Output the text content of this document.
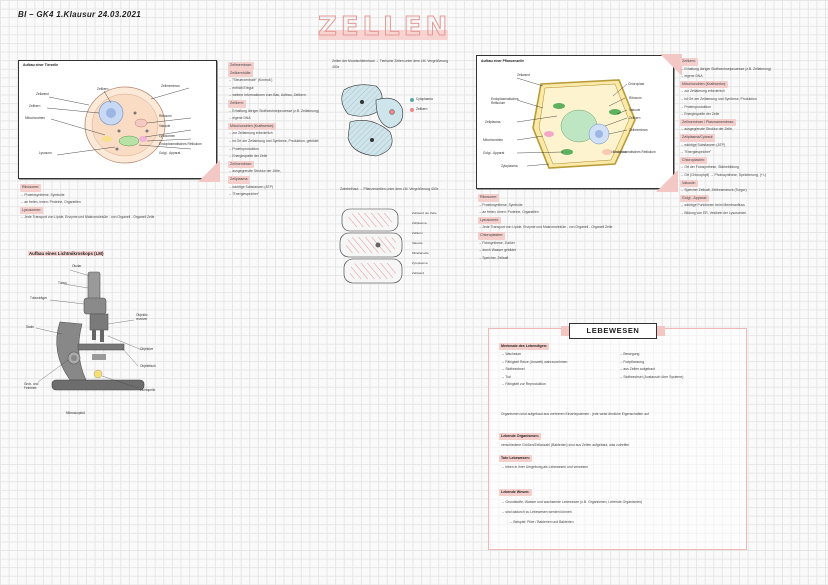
BI – GK4 1.Klausur 24.03.2021	ZELLEN
Aufbau einer Tierzelle
Zellwand
Zellkern
Mitochondrien
Lysosom
Zellkern
Zellmembran
Ribosom
Vakuole
Lysosomen
Endoplasmatisches Retikulum
Golgi - Apparat
Ribosome:
→ Proteinsynthese, Symbolie
→ an freien, innen: Proteine, Organellen
Lysosomen:
→ Jede Transport von Lipide, Enzyme und Makromoleküle - von Organell - Organell Zelle
Aufbau eines Lichtmikroskops (LM)
Okular
Tubus
Tubusträger
Stativ
Grob- und Feintrieb
Objektiv-revolver
Objektive
Objekttisch
Lichtquelle
Mikroskopfuß
Zellmembran:
Zellkernhülle:
→ "Steuerzentrale" (Kontroll.)
→ enthält Erbgut
→ weitere Informationen zum Bau, Aufbau, Zellkern
Zellkern:
→ Erhaltung übriger Stoffwechselprozesse (z.B. Zellatmung)
→ eigene DNA
Mitochondrien (Kraftwerke):
→ zur Zellatmung erforderlich
→ ist Ort der Zellatmung und Synthese, Produktion, gebildet
→ Proteinproduktion
→ Energiequelle der Zelle
Zellmembran:
→ ausgegrenzte Struktur der Zelle,
Zellplasma:
→ wichtige Substanzen (ATP)
→ "Energiespeicher"
Zellen der Mundschleimhaut → Tierische Zellen unter dem LM. Vergrößerung 400x
Cytoplasma
Zellkern
Zwiebelhaut → Pflanzenzellen unter dem LM. Vergrößerung 400x
Zellwand der Zelle
Zellplasma
Zellkern
Vakuole
Mittellamelle
Zytoplasma
Zellwand
Aufbau einer Pflanzenzelle
Zellwand
Endoplasmatisches Retikulum
Zellplasma
Mitochondrien
Golgi - Apparat
Zytoplasma
Chloroplast
Ribosom
Vakuole
Zellkern
Zellmembran
Endoplasmatisches Retikulum
Ribosome:
→ Proteinsynthese, Symbolie
→ an freien, innen: Proteine, Organellen
Lysosomen:
→ Jede Transport von Lipide, Enzyme und Makromoleküle - von Organell - Organell Zelle
Chloroplasten:
→ Fotosynthese, Zucker
→ durch Wasser gebildet
→ Speicher, Zellsaft
Zellkern:
→ Erhaltung übriger Stoffwechselprozesse (z.B. Zellatmung)
→ eigene DNA
Mitochondrien (Kraftwerke):
→ zur Zellatmung erforderlich
→ ist Ort der Zellatmung und Synthese, Produktion
→ Proteinproduktion
→ Energiequelle der Zelle
Zellmembran / Plasmamembran:
→ ausgegrenzte Struktur der Zelle,
Zellplasma/Cytosol:
→ wichtige Substanzen (ATP)
→ "Energiespeicher"
Chloroplasten:
→ Ort der Fotosynthese, Stärkebildung
→ Ort (Chlorophyll) → Photosynthese, Speicherung, (+/-)
Vakuole:
→ Speicher Zellsaft, Zellinnendruck (Turgor)
Golgi - Apparat:
→ wichtige Funktionen beim Membranfluss
→ Bildung von ER, Vesikeln der Lysosomen
LEBEWESEN
Merkmale des Lebendigen:
→ Wachstum
→ Fähigkeit Reize (Umwelt) wahrzunehmen
→ Stoffwechsel
→ Tod
→ Fähigkeit zur Reproduktion
→ Bewegung
→ Fortpflanzung
→ aus Zellen aufgebaut
→ Stoffwechsel (Austausch über Systeme)
Organismen sind aufgebaut aus mehreren Einzelsystemen - jede weist ähnliche Eigenschaften auf
Lebende Organismen:
verschiedene Größen/Zellanzahl (Bakterien) sind aus Zellen aufgebaut, was zutreffen
Tote Lebewesen:
→ leben in ihrer Umgebung als Lebewesen und verwesen
Lebende Wesen:
→ Grundstoffe, Wasser und wachsende Lebewesen (z.B. Organismen, Lebende Organismen)
→ sind dadurch zu Lebewesen werden können
→ Beispiel: Pilze / Bakterien und Bakterien
